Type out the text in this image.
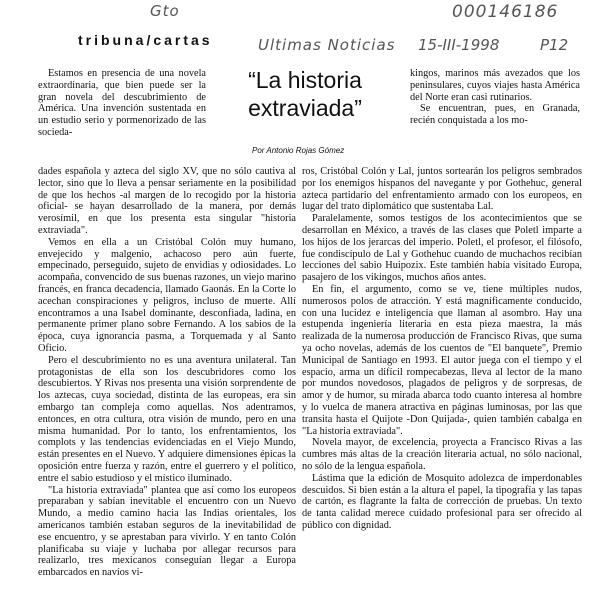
Gto	000146186
Ultimas Noticias 15-III-1998	P12
tribuna/cartas
“La historia extraviada”
Por Antonio Rojas Gómez

Estamos en presencia de una novela extraordinaria, que bien puede ser la gran novela del descubrimiento de América. Una invención sustentada en un estudio serio y pormenorizado de las socieda-

dades española y azteca del siglo XV, que no sólo cautiva al lector, sino que lo lleva a pensar seriamente en la posibilidad de que los hechos -al margen de lo recogido por la historia oficial- se hayan desarrollado de la manera, por demás verosímil, en que los presenta esta singular "historia extraviada".

Vemos en ella a un Cristóbal Colón muy humano, envejecido y malgenio, achacoso pero aún fuerte, empecinado, perseguido, sujeto de envidias y odiosidades. Lo acompaña, convencido de sus buenas razones, un viejo marino francés, en franca decadencia, llamado Gaonás. En la Corte lo acechan conspiraciones y peligros, incluso de muerte. Allí encontramos a una Isabel dominante, desconfiada, ladina, en permanente primer plano sobre Fernando. A los sabios de la época, cuya ignorancia pasma, a Torquemada y al Santo Oficio.

Pero el descubrimiento no es una aventura unilateral. Tan protagonistas de ella son los descubridores como los descubiertos. Y Rivas nos presenta una visión sorprendente de los aztecas, cuya sociedad, distinta de las europeas, era sin embargo tan compleja como aquellas. Nos adentramos, entonces, en otra cultura, otra visión de mundo, pero en una misma humanidad. Por lo tanto, los enfrentamientos, los complots y las tendencias evidenciadas en el Viejo Mundo, están presentes en el Nuevo. Y adquiere dimensiones épicas la oposición entre fuerza y razón, entre el guerrero y el político, entre el sabio estudioso y el místico iluminado.

"La historia extraviada" plantea que así como los europeos preparaban y sabían inevitable el encuentro con un Nuevo Mundo, a medio camino hacia las Indias orientales, los americanos también estaban seguros de la inevitabilidad de ese encuentro, y se aprestaban para vivirlo. Y en tanto Colón planificaba su viaje y luchaba por allegar recursos para realizarlo, tres mexicanos conseguían llegar a Europa embarcados en navíos vi-

kingos, marinos más avezados que los peninsulares, cuyos viajes hasta América del Norte eran casi rutinarios.

Se encuentran, pues, en Granada, recién conquistada a los mo-

ros, Cristóbal Colón y Lal, juntos sortearán los peligros sembrados por los enemigos hispanos del navegante y por Gothehuc, general azteca partidario del enfrentamiento armado con los europeos, en lugar del trato diplomático que sustentaba Lal.

Paralelamente, somos testigos de los acontecimientos que se desarrollan en México, a través de las clases que Poletl imparte a los hijos de los jerarcas del imperio. Poletl, el profesor, el filósofo, fue condiscípulo de Lal y Gothehuc cuando de muchachos recibían lecciones del sabio Huipozix. Este también había visitado Europa, pasajero de los vikingos, muchos años antes.

En fin, el argumento, como se ve, tiene múltiples nudos, numerosos polos de atracción. Y está magníficamente conducido, con una lucidez e inteligencia que llaman al asombro. Hay una estupenda ingeniería literaria en esta pieza maestra, la más realizada de la numerosa producción de Francisco Rivas, que suma ya ocho novelas, además de los cuentos de "El banquete", Premio Municipal de Santiago en 1993. El autor juega con el tiempo y el espacio, arma un difícil rompecabezas, lleva al lector de la mano por mundos novedosos, plagados de peligros y de sorpresas, de amor y de humor, su mirada abarca todo cuanto interesa al hombre y lo vuelca de manera atractiva en páginas luminosas, por las que transita hasta el Quijote -Don Quijada-, quien también cabalga en "La historia extraviada".

Novela mayor, de excelencia, proyecta a Francisco Rivas a las cumbres más altas de la creación literaria actual, no sólo nacional, no sólo de la lengua española.

Lástima que la edición de Mosquito adolezca de imperdonables descuidos. Si bien están a la altura el papel, la tipografía y las tapas de cartón, es flagrante la falta de corrección de pruebas. Un texto de tanta calidad merece cuidado profesional para ser ofrecido al público con dignidad.
